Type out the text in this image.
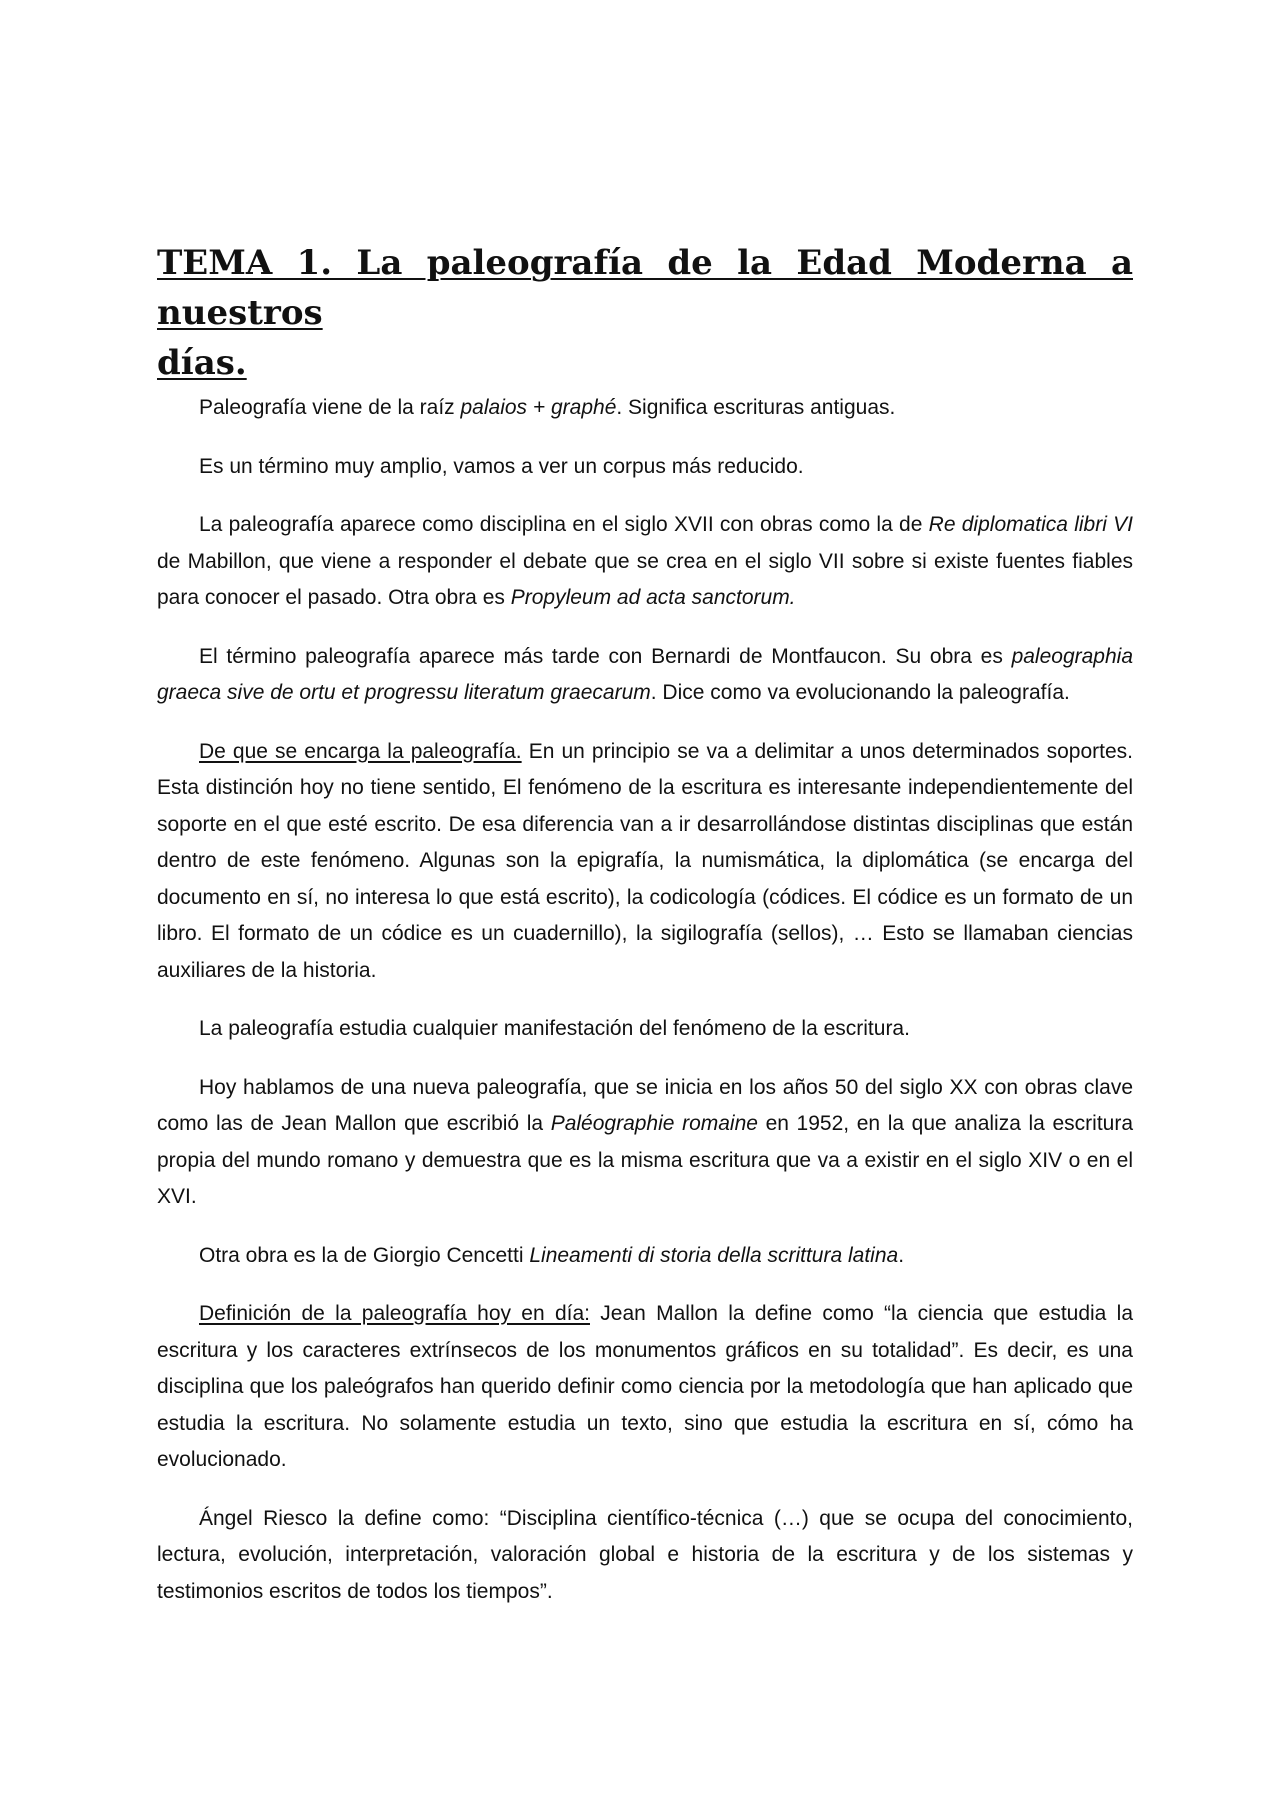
TEMA 1. La paleografía de la Edad Moderna a nuestros
días.

Paleografía viene de la raíz palaios + graphé. Significa escrituras antiguas.

Es un término muy amplio, vamos a ver un corpus más reducido.

La paleografía aparece como disciplina en el siglo XVII con obras como la de Re diplomatica libri VI de Mabillon, que viene a responder el debate que se crea en el siglo VII sobre si existe fuentes fiables para conocer el pasado. Otra obra es Propyleum ad acta sanctorum.

El término paleografía aparece más tarde con Bernardi de Montfaucon. Su obra es paleographia graeca sive de ortu et progressu literatum graecarum. Dice como va evolucionando la paleografía.

De que se encarga la paleografía. En un principio se va a delimitar a unos determinados soportes. Esta distinción hoy no tiene sentido, El fenómeno de la escritura es interesante independientemente del soporte en el que esté escrito. De esa diferencia van a ir desarrollándose distintas disciplinas que están dentro de este fenómeno. Algunas son la epigrafía, la numismática, la diplomática (se encarga del documento en sí, no interesa lo que está escrito), la codicología (códices. El códice es un formato de un libro. El formato de un códice es un cuadernillo), la sigilografía (sellos), … Esto se llamaban ciencias auxiliares de la historia.

La paleografía estudia cualquier manifestación del fenómeno de la escritura.

Hoy hablamos de una nueva paleografía, que se inicia en los años 50 del siglo XX con obras clave como las de Jean Mallon que escribió la Paléographie romaine en 1952, en la que analiza la escritura propia del mundo romano y demuestra que es la misma escritura que va a existir en el siglo XIV o en el XVI.

Otra obra es la de Giorgio Cencetti Lineamenti di storia della scrittura latina.

Definición de la paleografía hoy en día: Jean Mallon la define como “la ciencia que estudia la escritura y los caracteres extrínsecos de los monumentos gráficos en su totalidad”. Es decir, es una disciplina que los paleógrafos han querido definir como ciencia por la metodología que han aplicado que estudia la escritura. No solamente estudia un texto, sino que estudia la escritura en sí, cómo ha evolucionado.

Ángel Riesco la define como: “Disciplina científico-técnica (…) que se ocupa del conocimiento, lectura, evolución, interpretación, valoración global e historia de la escritura y de los sistemas y testimonios escritos de todos los tiempos”.
